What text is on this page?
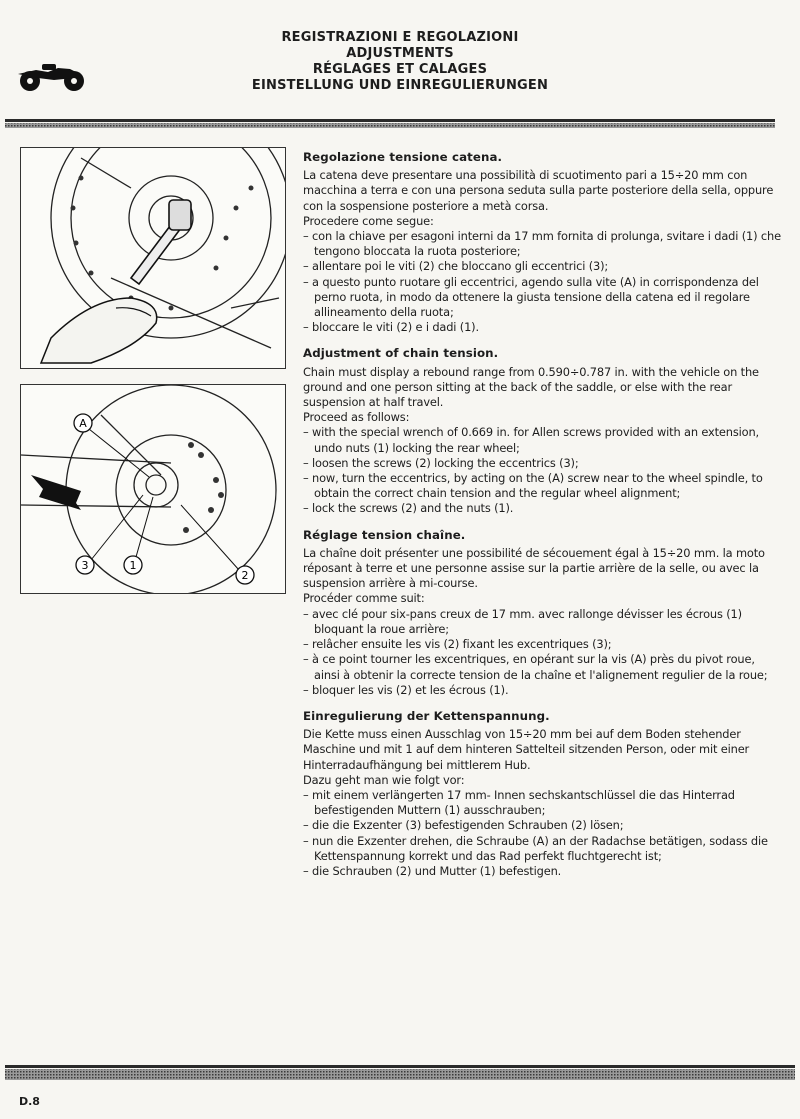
REGISTRAZIONI E REGOLAZIONI
ADJUSTMENTS
RÉGLAGES ET CALAGES
EINSTELLUNG UND EINREGULIERUNGEN
A
3	1
2
Regolazione tensione catena.

La catena deve presentare una possibilità di scuotimento pari a 15÷20 mm con macchina a terra e con una persona seduta sulla parte posteriore della sella, oppure con la sospensione posteriore a metà corsa.

Procedere come segue:

– con la chiave per esagoni interni da 17 mm fornita di prolunga, svitare i dadi (1) che tengono bloccata la ruota posteriore;
– allentare poi le viti (2) che bloccano gli eccentrici (3);
– a questo punto ruotare gli eccentrici, agendo sulla vite (A) in corrispondenza del perno ruota, in modo da ottenere la giusta tensione della catena ed il regolare allineamento della ruota;
– bloccare le viti (2) e i dadi (1).
Adjustment of chain tension.

Chain must display a rebound range from 0.590÷0.787 in. with the vehicle on the ground and one person sitting at the back of the saddle, or else with the rear suspension at half travel.

Proceed as follows:

– with the special wrench of 0.669 in. for Allen screws provided with an extension, undo nuts (1) locking the rear wheel;
– loosen the screws (2) locking the eccentrics (3);
– now, turn the eccentrics, by acting on the (A) screw near to the wheel spindle, to obtain the correct chain tension and the regular wheel alignment;
– lock the screws (2) and the nuts (1).
Réglage tension chaîne.

La chaîne doit présenter une possibilité de sécouement égal à 15÷20 mm. la moto réposant à terre et une personne assise sur la partie arrière de la selle, ou avec la suspension arrière à mi-course.

Procéder comme suit:

– avec clé pour six-pans creux de 17 mm. avec rallonge dévisser les écrous (1) bloquant la roue arrière;
– relâcher ensuite les vis (2) fixant les excentriques (3);
– à ce point tourner les excentriques, en opérant sur la vis (A) près du pivot roue, ainsi à obtenir la correcte tension de la chaîne et l'alignement regulier de la roue;
– bloquer les vis (2) et les écrous (1).
Einregulierung der Kettenspannung.

Die Kette muss einen Ausschlag von 15÷20 mm bei auf dem Boden stehender Maschine und mit 1 auf dem hinteren Sattelteil sitzenden Person, oder mit einer Hinterradaufhängung bei mittlerem Hub.

Dazu geht man wie folgt vor:

– mit einem verlängerten 17 mm- Innen sechskantschlüssel die das Hinterrad befestigenden Muttern (1) ausschrauben;
– die die Exzenter (3) befestigenden Schrauben (2) lösen;
– nun die Exzenter drehen, die Schraube (A) an der Radachse betätigen, sodass die Kettenspannung korrekt und das Rad perfekt fluchtgerecht ist;
– die Schrauben (2) und Mutter (1) befestigen.
D.8
